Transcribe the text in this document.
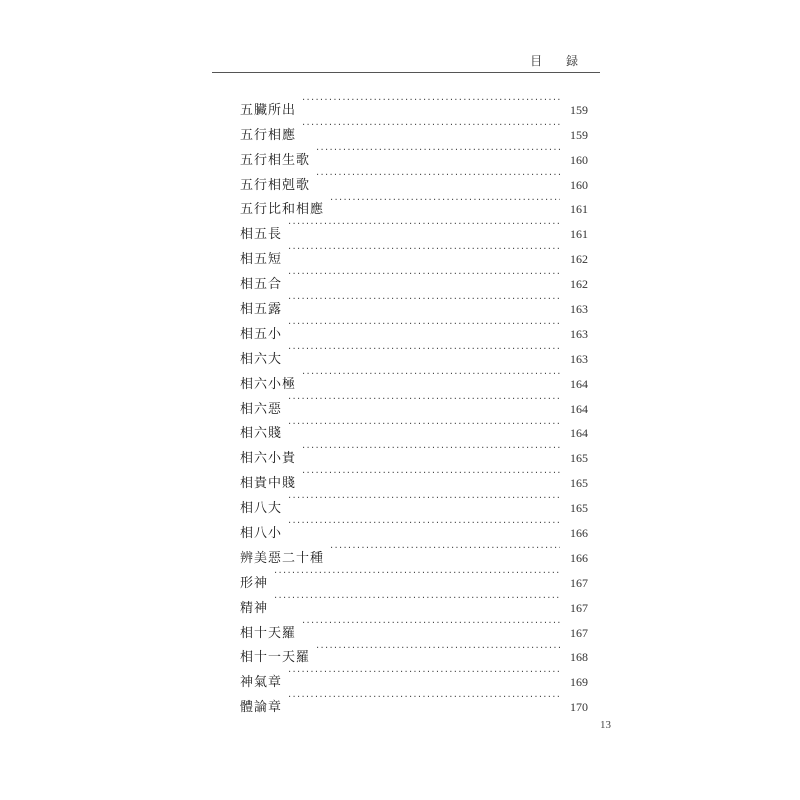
目 録
五臟所出 ·····	159
五行相應 ·····	159
五行相生歌 ·····	160
五行相剋歌 ·····	160
五行比和相應 ·····	161
相五長 ·····	161
相五短 ·····	162
相五合 ·····	162
相五露 ·····	163
相五小 ·····	163
相六大 ·····	163
相六小極 ·····	164
相六惡 ·····	164
相六賤 ·····	164
相六小貴 ·····	165
相貴中賤 ·····	165
相八大 ·····	165
相八小 ·····	166
辨美惡二十種 ·····	166
形神 ·····	167
精神 ·····	167
相十天羅 ·····	167
相十一天羅 ·····	168
神氣章 ·····	169
體論章 ·····	170
13
